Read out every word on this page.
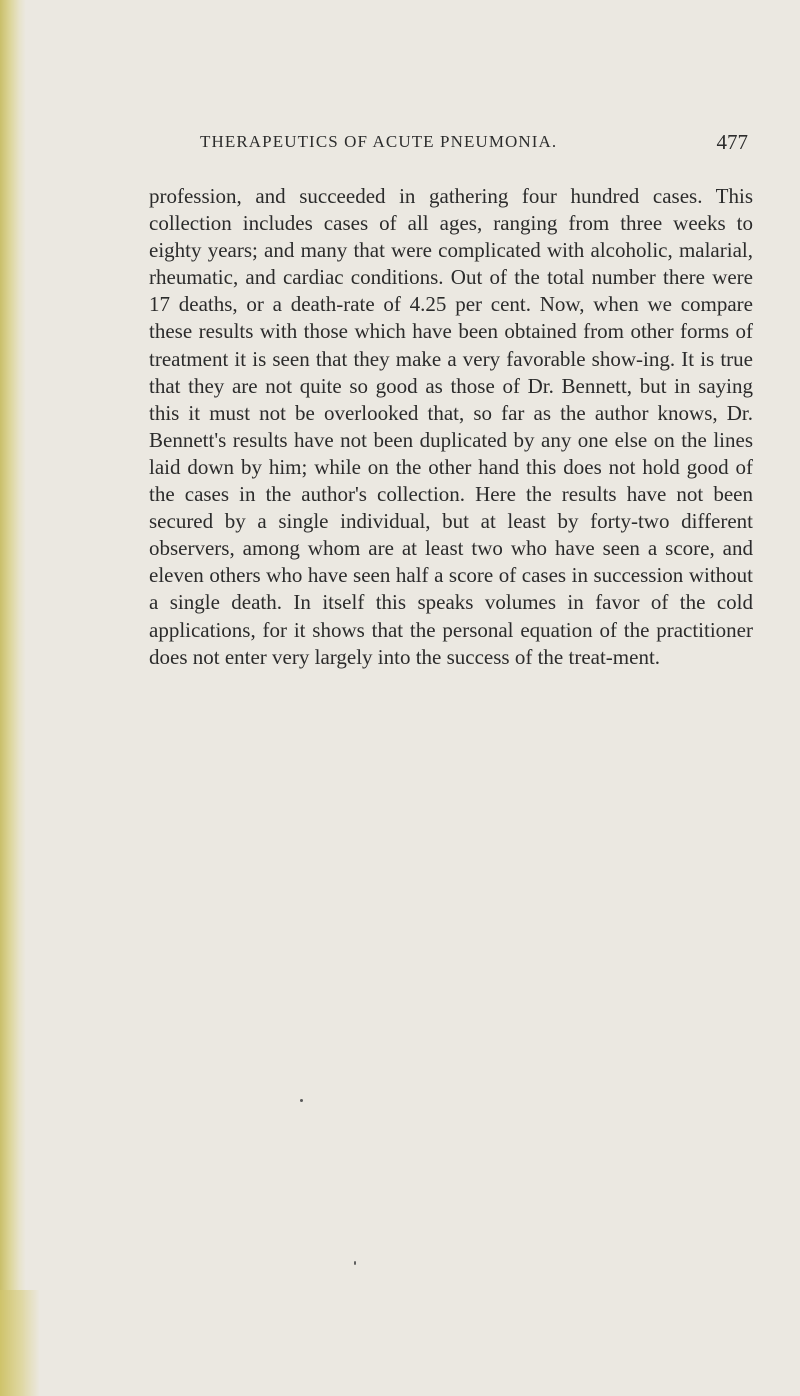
THERAPEUTICS OF ACUTE PNEUMONIA.	477

profession, and succeeded in gathering four hundred cases. This collection includes cases of all ages, ranging from three weeks to eighty years; and many that were complicated with alcoholic, malarial, rheumatic, and cardiac conditions. Out of the total number there were 17 deaths, or a death-rate of 4.25 per cent. Now, when we compare these results with those which have been obtained from other forms of treatment it is seen that they make a very favorable show-ing. It is true that they are not quite so good as those of Dr. Bennett, but in saying this it must not be overlooked that, so far as the author knows, Dr. Bennett's results have not been duplicated by any one else on the lines laid down by him; while on the other hand this does not hold good of the cases in the author's collection. Here the results have not been secured by a single individual, but at least by forty-two different observers, among whom are at least two who have seen a score, and eleven others who have seen half a score of cases in succession without a single death. In itself this speaks volumes in favor of the cold applications, for it shows that the personal equation of the practitioner does not enter very largely into the success of the treat-ment.
